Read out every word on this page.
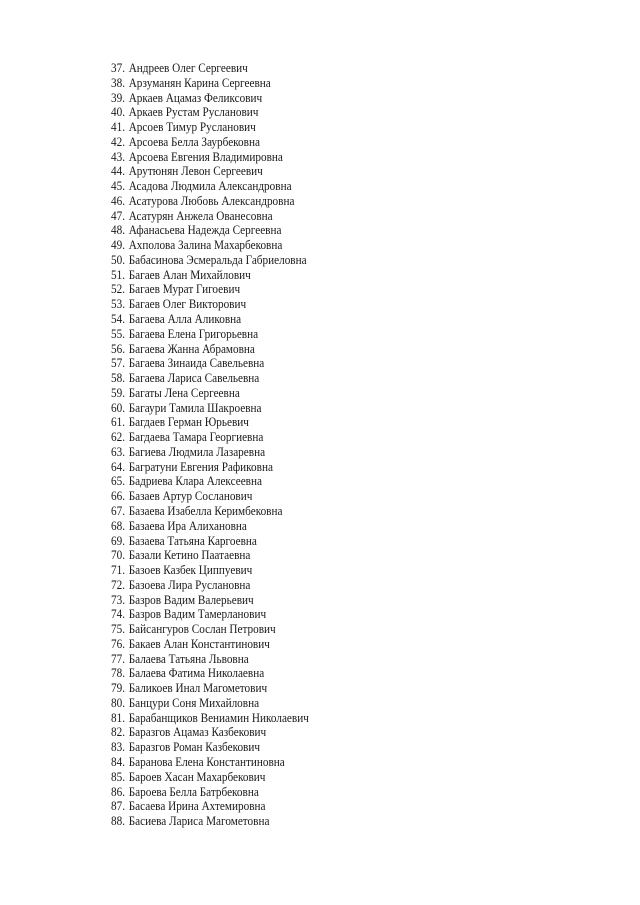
37. Андреев Олег Сергеевич
38. Арзуманян Карина Сергеевна
39. Аркаев Ацамаз Феликсович
40. Аркаев Рустам Русланович
41. Арсоев Тимур Русланович
42. Арсоева Белла Заурбековна
43. Арсоева Евгения Владимировна
44. Арутюнян Левон Сергеевич
45. Асадова Людмила Александровна
46. Асатурова Любовь Александровна
47. Асатурян Анжела Ованесовна
48. Афанасьева Надежда Сергеевна
49. Ахполова Залина Махарбековна
50. Бабасинова Эсмеральда Габриеловна
51. Багаев Алан Михайлович
52. Багаев Мурат Гигоевич
53. Багаев Олег Викторович
54. Багаева Алла Аликовна
55. Багаева Елена Григорьевна
56. Багаева Жанна Абрамовна
57. Багаева Зинаида Савельевна
58. Багаева Лариса Савельевна
59. Багаты Лена Сергеевна
60. Багаури Тамила Шакроевна
61. Багдаев Герман Юрьевич
62. Багдаева Тамара Георгиевна
63. Багиева Людмила Лазаревна
64. Багратуни Евгения Рафиковна
65. Бадриева Клара Алексеевна
66. Базаев Артур Сосланович
67. Базаева Изабелла Керимбековна
68. Базаева Ира Алихановна
69. Базаева Татьяна Каргоевна
70. Базали Кетино Паатаевна
71. Базоев Казбек Циппуевич
72. Базоева Лира Руслановна
73. Базров Вадим Валерьевич
74. Базров Вадим Тамерланович
75. Байсангуров Сослан Петрович
76. Бакаев Алан Константинович
77. Балаева Татьяна Львовна
78. Балаева Фатима Николаевна
79. Баликоев Инал Магометович
80. Банцури Соня Михайловна
81. Барабанщиков Вениамин Николаевич
82. Баразгов Ацамаз Казбекович
83. Баразгов Роман Казбекович
84. Баранова Елена Константиновна
85. Бароев Хасан Махарбекович
86. Бароева Белла Батрбековна
87. Басаева Ирина Ахтемировна
88. Басиева Лариса Магометовна
